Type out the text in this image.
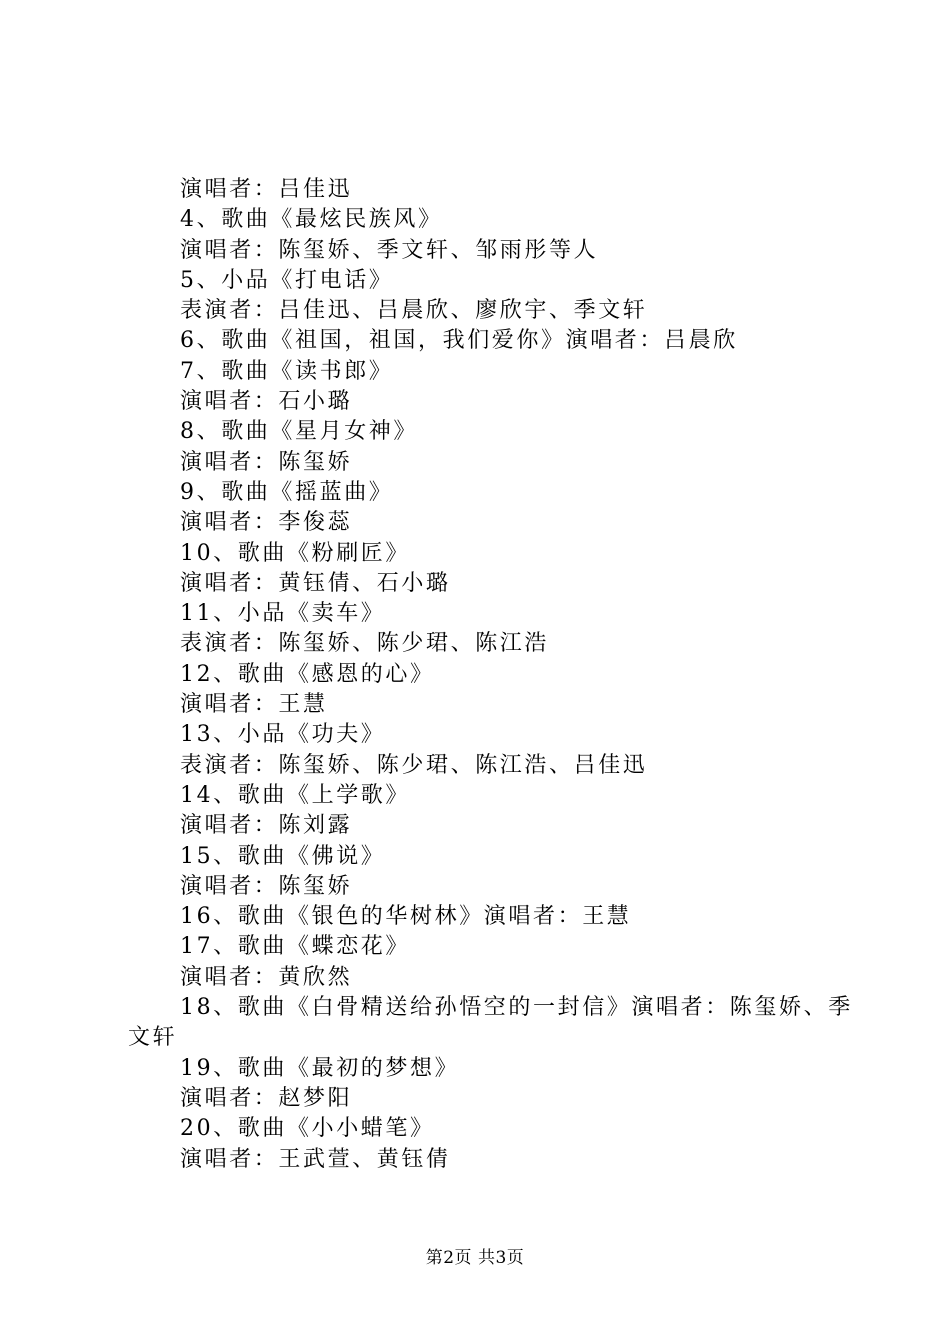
演唱者：吕佳迅
4、歌曲《最炫民族风》
演唱者：陈玺娇、季文轩、邹雨彤等人
5、小品《打电话》
表演者：吕佳迅、吕晨欣、廖欣宇、季文轩
6、歌曲《祖国，祖国，我们爱你》演唱者：吕晨欣
7、歌曲《读书郎》
演唱者：石小璐
8、歌曲《星月女神》
演唱者：陈玺娇
9、歌曲《摇蓝曲》
演唱者：李俊蕊
10、歌曲《粉刷匠》
演唱者：黄钰倩、石小璐
11、小品《卖车》
表演者：陈玺娇、陈少珺、陈江浩
12、歌曲《感恩的心》
演唱者：王慧
13、小品《功夫》
表演者：陈玺娇、陈少珺、陈江浩、吕佳迅
14、歌曲《上学歌》
演唱者：陈刘露
15、歌曲《佛说》
演唱者：陈玺娇
16、歌曲《银色的华树林》演唱者：王慧
17、歌曲《蝶恋花》
演唱者：黄欣然
18、歌曲《白骨精送给孙悟空的一封信》演唱者：陈玺娇、季文轩
19、歌曲《最初的梦想》
演唱者：赵梦阳
20、歌曲《小小蜡笔》
演唱者：王武萱、黄钰倩
第2页 共3页
